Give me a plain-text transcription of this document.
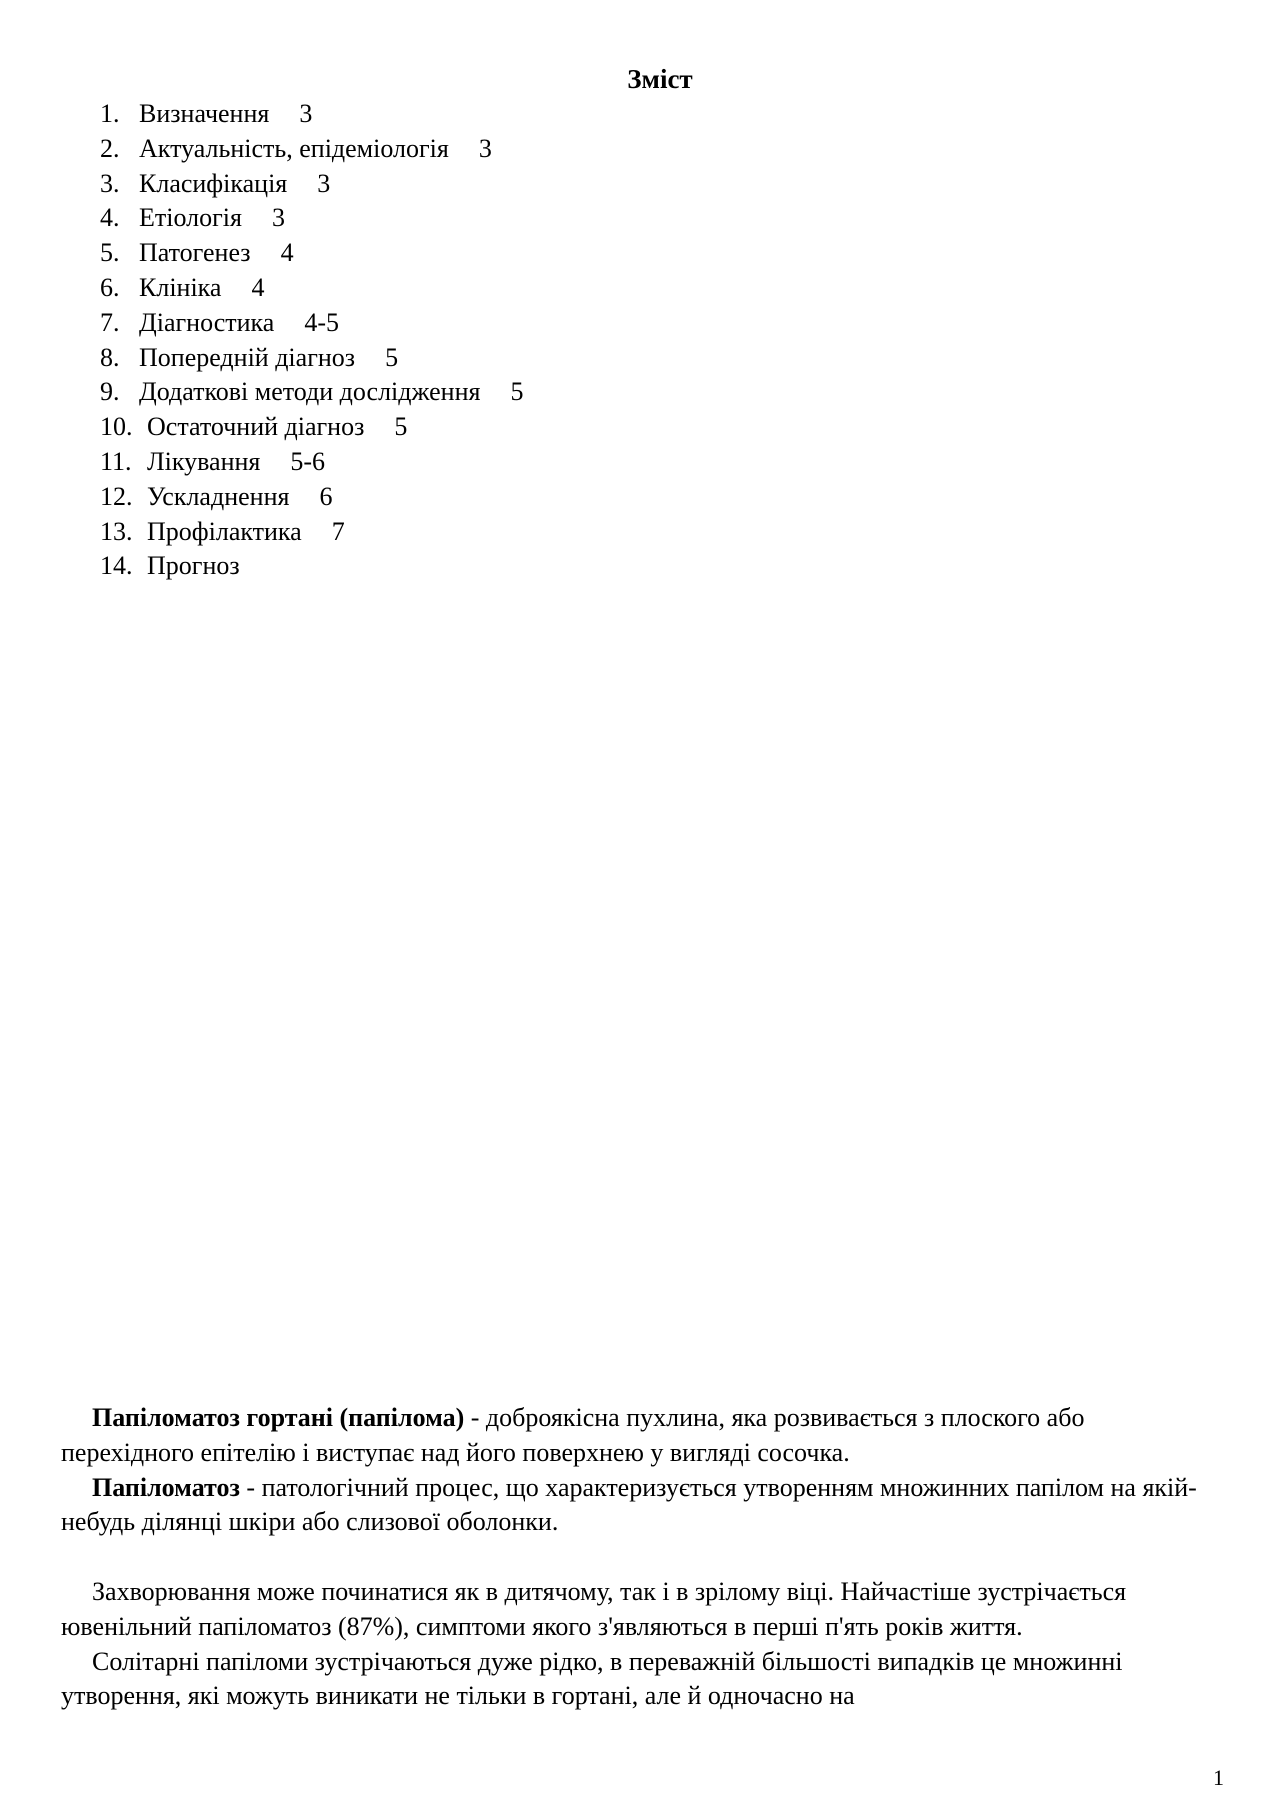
Зміст
1. Визначення 3
2. Актуальність, епідеміологія 3
3. Класифікація 3
4. Етіологія 3
5. Патогенез 4
6. Клініка 4
7. Діагностика 4-5
8. Попередній діагноз 5
9. Додаткові методи дослідження 5
10. Остаточний діагноз 5
11. Лікування 5-6
12. Ускладнення 6
13. Профілактика 7
14. Прогноз

Папіломатоз гортані (папілома) - доброякісна пухлина, яка розвивається з плоского або перехідного епітелію і виступає над його поверхнею у вигляді сосочка.

Папіломатоз - патологічний процес, що характеризується утворенням множинних папілом на якій-небудь ділянці шкіри або слизової оболонки.

Захворювання може починатися як в дитячому, так і в зрілому віці. Найчастіше зустрічається ювенільний папіломатоз (87%), симптоми якого з'являються в перші п'ять років життя.

Солітарні папіломи зустрічаються дуже рідко, в переважній більшості випадків це множинні утворення, які можуть виникати не тільки в гортані, але й одночасно на

1
